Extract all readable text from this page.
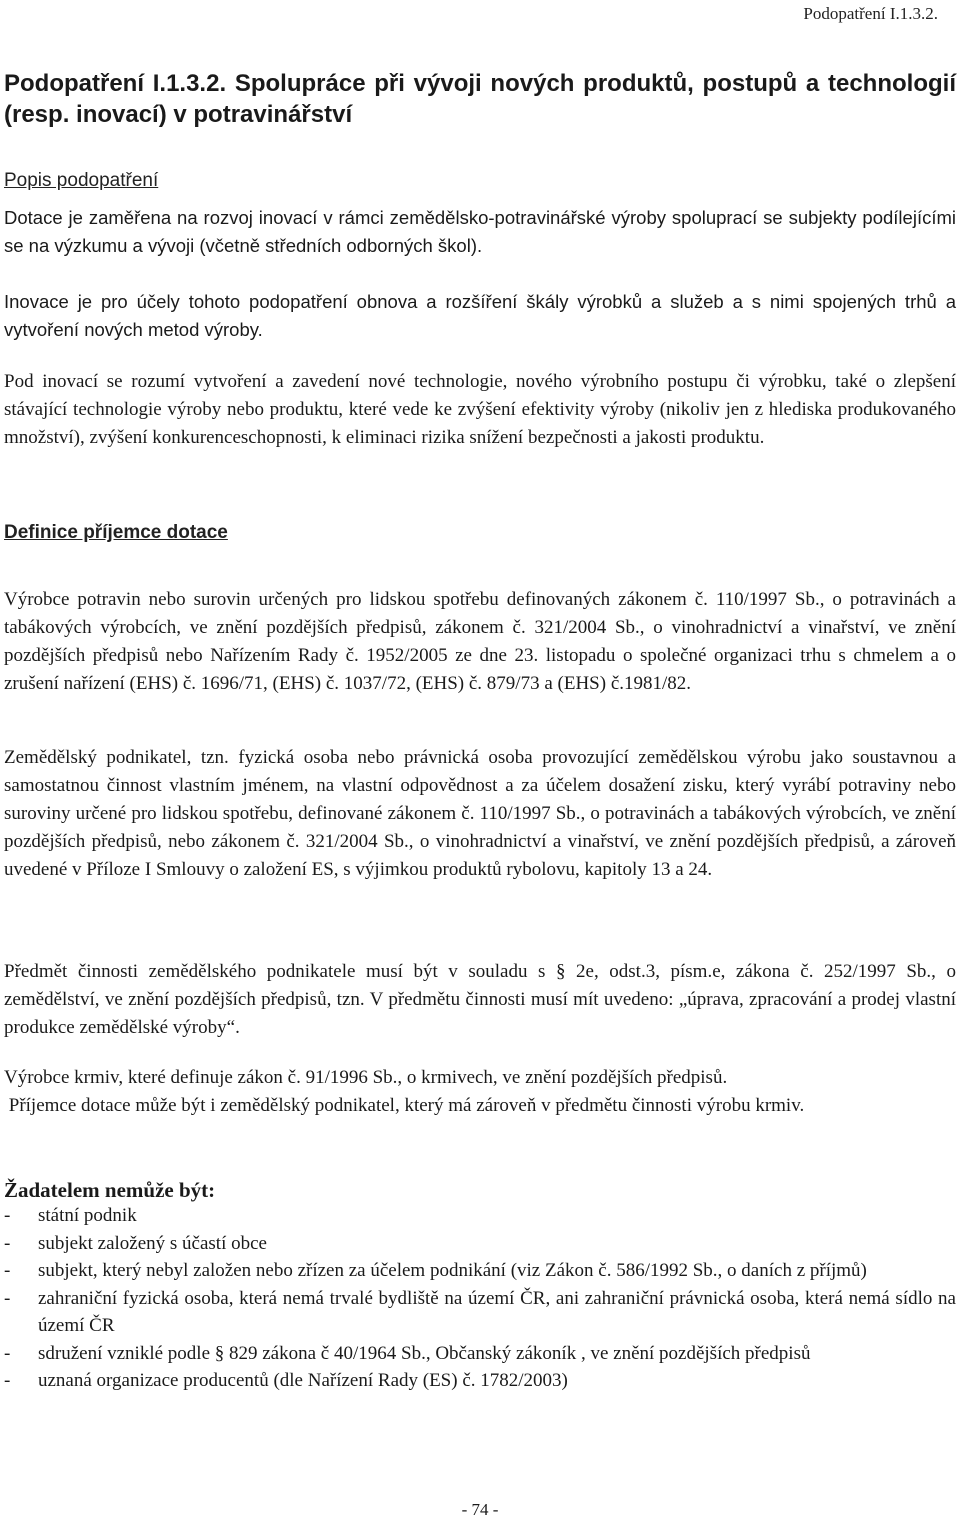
Podopatření I.1.3.2.
Podopatření I.1.3.2. Spolupráce při vývoji nových produktů, postupů a technologií (resp. inovací) v potravinářství
Popis podopatření

Dotace je zaměřena na rozvoj inovací v rámci zemědělsko-potravinářské výroby spoluprací se subjekty podílejícími se na výzkumu a vývoji (včetně středních odborných škol).

Inovace je pro účely tohoto podopatření obnova a rozšíření škály výrobků a služeb a s nimi spojených trhů a vytvoření nových metod výroby.

Pod inovací se rozumí vytvoření a zavedení nové technologie, nového výrobního postupu či výrobku, také o zlepšení stávající technologie výroby nebo produktu, které vede ke zvýšení efektivity výroby (nikoliv jen z hlediska produkovaného množství), zvýšení konkurenceschopnosti, k eliminaci rizika snížení bezpečnosti a jakosti produktu.

Definice příjemce dotace

Výrobce potravin nebo surovin určených pro lidskou spotřebu definovaných zákonem č. 110/1997 Sb., o potravinách a tabákových výrobcích, ve znění pozdějších předpisů, zákonem č. 321/2004 Sb., o vinohradnictví a vinařství, ve znění pozdějších předpisů nebo Nařízením Rady č. 1952/2005 ze dne 23. listopadu o společné organizaci trhu s chmelem a o zrušení nařízení (EHS) č. 1696/71, (EHS) č. 1037/72, (EHS) č. 879/73 a (EHS) č.1981/82.

Zemědělský podnikatel, tzn. fyzická osoba nebo právnická osoba provozující zemědělskou výrobu jako soustavnou a samostatnou činnost vlastním jménem, na vlastní odpovědnost a za účelem dosažení zisku, který vyrábí potraviny nebo suroviny určené pro lidskou spotřebu, definované zákonem č. 110/1997 Sb., o potravinách a tabákových výrobcích, ve znění pozdějších předpisů, nebo zákonem č. 321/2004 Sb., o vinohradnictví a vinařství, ve znění pozdějších předpisů, a zároveň uvedené v Příloze I Smlouvy o založení ES, s výjimkou produktů rybolovu, kapitoly 13 a 24.

Předmět činnosti zemědělského podnikatele musí být v souladu s § 2e, odst.3, písm.e, zákona č. 252/1997 Sb., o zemědělství, ve znění pozdějších předpisů, tzn. V předmětu činnosti musí mít uvedeno: „úprava, zpracování a prodej vlastní produkce zemědělské výroby“.

Výrobce krmiv, které definuje zákon č. 91/1996 Sb., o krmivech, ve znění pozdějších předpisů.

Příjemce dotace může být i zemědělský podnikatel, který má zároveň v předmětu činnosti výrobu krmiv.

Žadatelem nemůže být:
- státní podnik
- subjekt založený s účastí obce
- subjekt, který nebyl založen nebo zřízen za účelem podnikání (viz Zákon č. 586/1992 Sb., o daních z příjmů)
- zahraniční fyzická osoba, která nemá trvalé bydliště na území ČR, ani zahraniční právnická osoba, která nemá sídlo na území ČR
- sdružení vzniklé podle § 829 zákona č 40/1964 Sb., Občanský zákoník , ve znění pozdějších předpisů
- uznaná organizace producentů (dle Nařízení Rady (ES) č. 1782/2003)
- 74 -
